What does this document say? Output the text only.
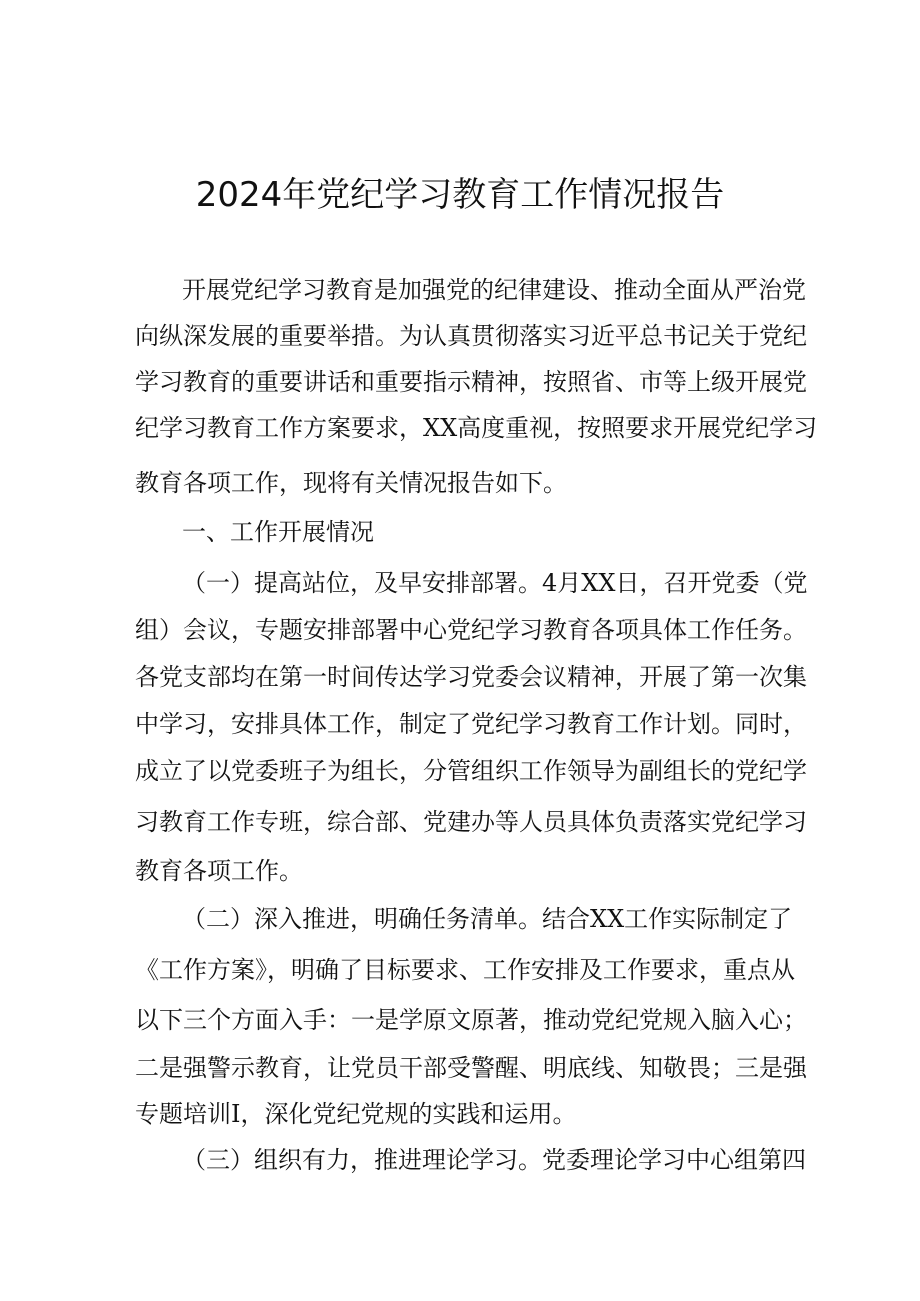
2024年党纪学习教育工作情况报告

开展党纪学习教育是加强党的纪律建设、推动全面从严治党

向纵深发展的重要举措。为认真贯彻落实习近平总书记关于党纪

学习教育的重要讲话和重要指示精神，按照省、市等上级开展党

纪学习教育工作方案要求，XX高度重视，按照要求开展党纪学习

教育各项工作，现将有关情况报告如下。

一、工作开展情况

（一）提高站位，及早安排部署。4月XX日，召开党委（党

组）会议，专题安排部署中心党纪学习教育各项具体工作任务。

各党支部均在第一时间传达学习党委会议精神，开展了第一次集

中学习，安排具体工作，制定了党纪学习教育工作计划。同时，

成立了以党委班子为组长，分管组织工作领导为副组长的党纪学

习教育工作专班，综合部、党建办等人员具体负责落实党纪学习

教育各项工作。

（二）深入推进，明确任务清单。结合XX工作实际制定了

《工作方案》，明确了目标要求、工作安排及工作要求，重点从

以下三个方面入手：一是学原文原著，推动党纪党规入脑入心；

二是强警示教育，让党员干部受警醒、明底线、知敬畏；三是强

专题培训I，深化党纪党规的实践和运用。

（三）组织有力，推进理论学习。党委理论学习中心组第四
